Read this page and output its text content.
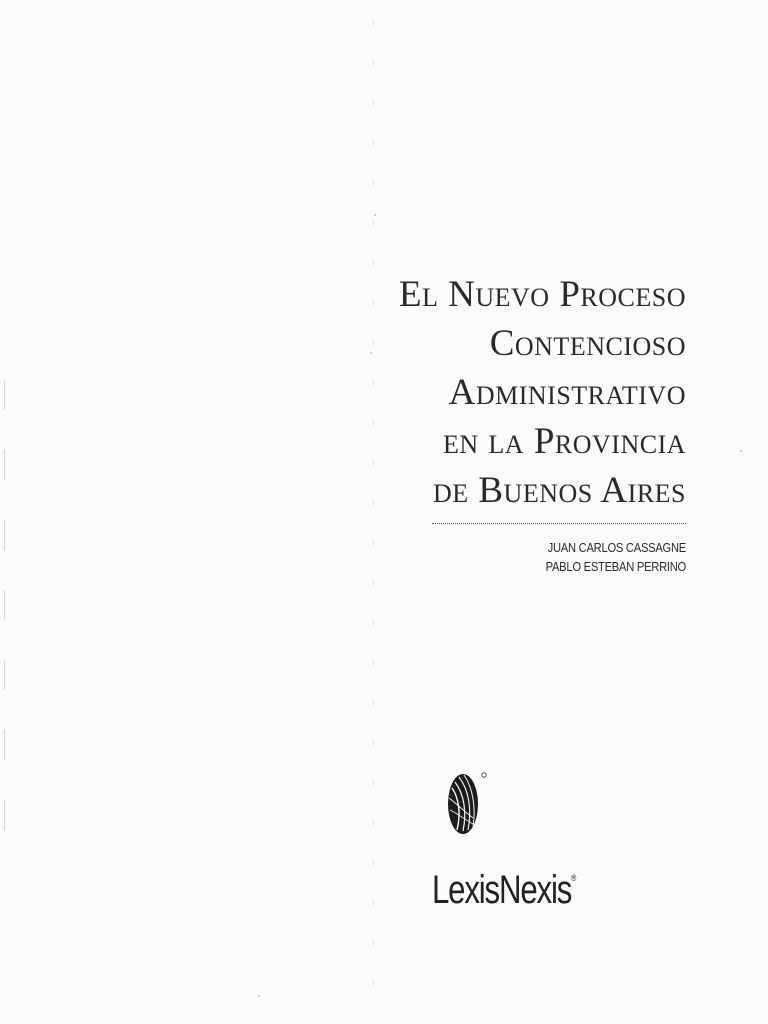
El Nuevo Proceso
Contencioso
Administrativo
en la Provincia
de Buenos Aires
JUAN CARLOS CASSAGNE
PABLO ESTEBAN PERRINO
LexisNexis®
